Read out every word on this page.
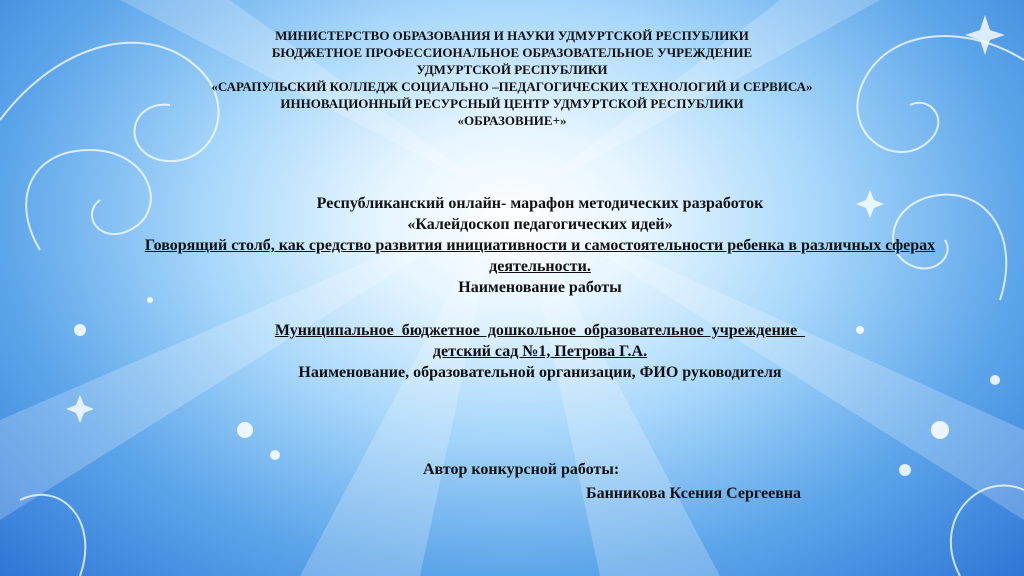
МИНИСТЕРСТВО ОБРАЗОВАНИЯ И НАУКИ УДМУРТСКОЙ РЕСПУБЛИКИ
БЮДЖЕТНОЕ ПРОФЕССИОНАЛЬНОЕ ОБРАЗОВАТЕЛЬНОЕ УЧРЕЖДЕНИЕ
УДМУРТСКОЙ РЕСПУБЛИКИ
«САРАПУЛЬСКИЙ КОЛЛЕДЖ СОЦИАЛЬНО –ПЕДАГОГИЧЕСКИХ ТЕХНОЛОГИЙ И СЕРВИСА»
ИННОВАЦИОННЫЙ РЕСУРСНЫЙ ЦЕНТР УДМУРТСКОЙ РЕСПУБЛИКИ
«ОБРАЗОВНИЕ+»
Республиканский онлайн- марафон методических разработок
«Калейдоскоп педагогических идей»
Говорящий столб, как средство развития инициативности и самостоятельности ребенка в различных сферах деятельности.
Наименование работы
Муниципальное  бюджетное  дошкольное  образовательное  учреждение
детский сад №1, Петрова Г.А.
Наименование, образовательной организации, ФИО руководителя
Автор конкурсной работы:
Банникова Ксения Сергеевна
